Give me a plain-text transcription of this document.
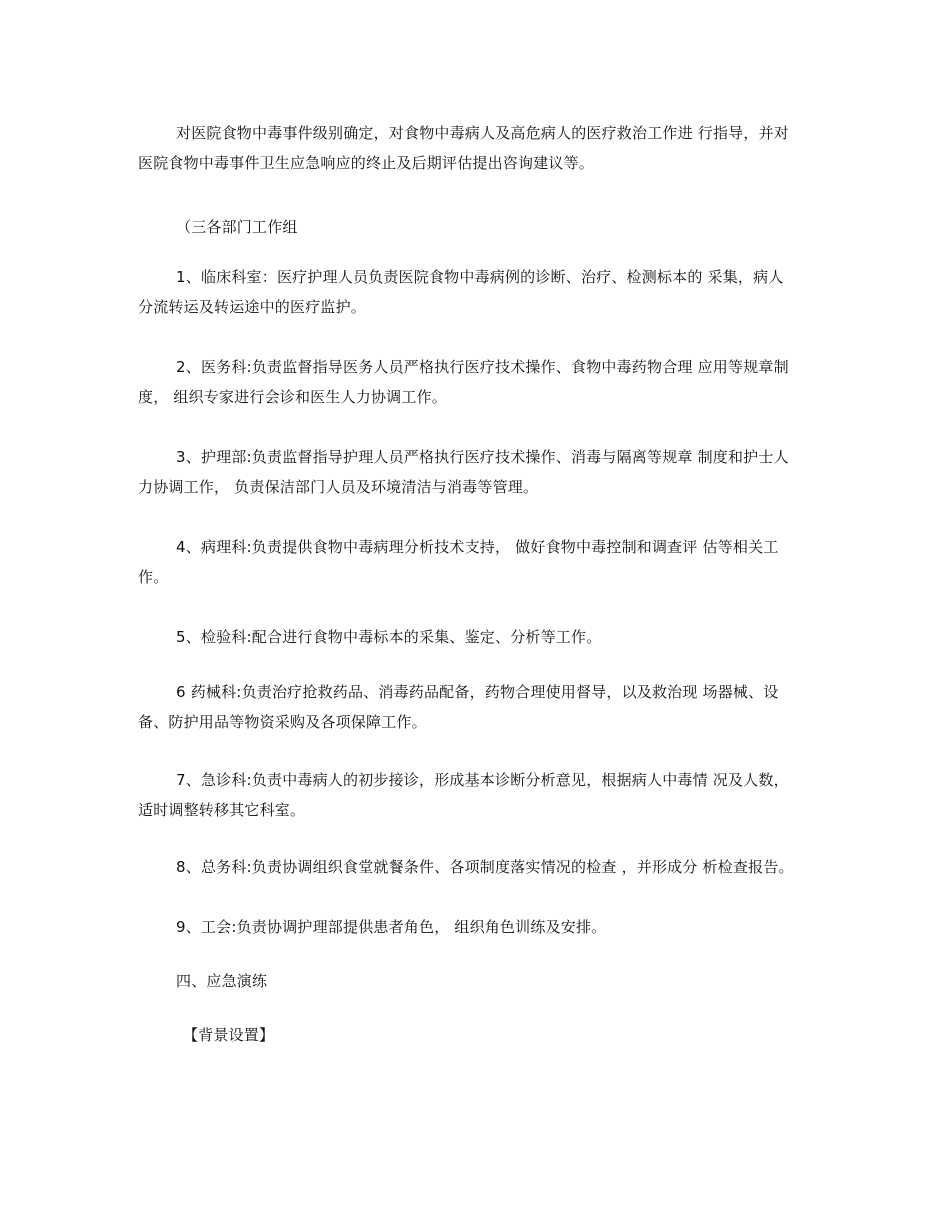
对医院食物中毒事件级别确定，对食物中毒病人及高危病人的医疗救治工作进 行指导，并对医院食物中毒事件卫生应急响应的终止及后期评估提出咨询建议等。

（三各部门工作组

1、临床科室：医疗护理人员负责医院食物中毒病例的诊断、治疗、检测标本的 采集，病人分流转运及转运途中的医疗监护。

2、医务科:负责监督指导医务人员严格执行医疗技术操作、食物中毒药物合理 应用等规章制度， 组织专家进行会诊和医生人力协调工作。

3、护理部:负责监督指导护理人员严格执行医疗技术操作、消毒与隔离等规章 制度和护士人力协调工作， 负责保洁部门人员及环境清洁与消毒等管理。

4、病理科:负责提供食物中毒病理分析技术支持， 做好食物中毒控制和调查评 估等相关工作。

5、检验科:配合进行食物中毒标本的采集、鉴定、分析等工作。

6 药械科:负责治疗抢救药品、消毒药品配备，药物合理使用督导，以及救治现 场器械、设备、防护用品等物资采购及各项保障工作。

7、急诊科:负责中毒病人的初步接诊，形成基本诊断分析意见，根据病人中毒情 况及人数，适时调整转移其它科室。

8、总务科:负责协调组织食堂就餐条件、各项制度落实情况的检查 ，并形成分 析检查报告。

9、工会:负责协调护理部提供患者角色， 组织角色训练及安排。

四、应急演练

【背景设置】
